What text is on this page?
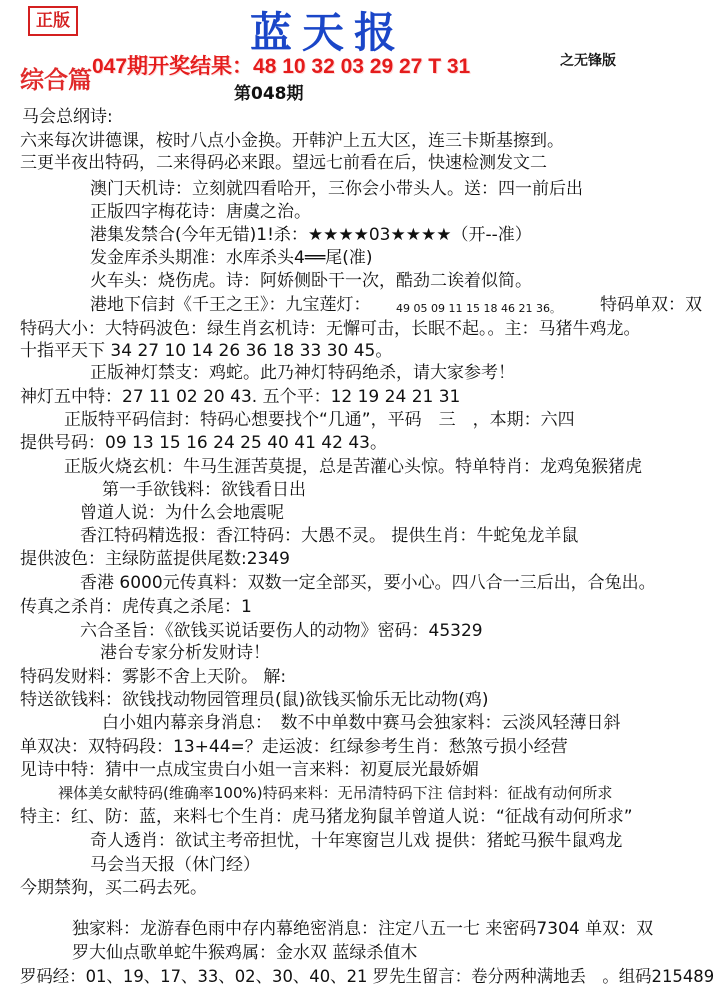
正版	蓝天报
综合篇 047期开奖结果：48 10 32 03 29 27 T 31	之无锋版
第048期
马会总纲诗:
六来每次讲德课，桉时八点小金换。开韩沪上五大区，连三卡斯基擦到。
三更半夜出特码，二来得码必来跟。望远七前看在后，快速检测发文二
澳门天机诗：立刻就四看哈开，三你会小带头人。送：四一前后出
正版四字梅花诗：唐虞之治。
港集发禁合(今年无错)1!杀：★★★★03★★★★（开--准）
发金库杀头期准：水库杀头4══尾(准)
火车头：烧伤虎。诗：阿娇侧卧干一次，酷劲二诶着似简。
港地下信封《千王之王》：九宝莲灯： 49 05 09 11 15 18 46 21 36。 特码单双：双
特码大小：大特码波色：绿生肖玄机诗：无懈可击，长眠不起。。主：马猪牛鸡龙。
十指平天下 34 27 10 14 26 36 18 33 30 45。
正版神灯禁支：鸡蛇。此乃神灯特码绝杀，请大家参考！
神灯五中特：27 11 02 20 43. 五个平：12 19 24 21 31
正版特平码信封：特码心想要找个“几通”，平码　三　，本期：六四
提供号码：09 13 15 16 24 25 40 41 42 43。
正版火烧玄机：牛马生涯苦莫提，总是苦灌心头惊。特单特肖：龙鸡兔猴猪虎
第一手欲钱料：欲钱看日出
曾道人说：为什么会地震呢
香江特码精选报：香江特码：大愚不灵。 提供生肖：牛蛇兔龙羊鼠
提供波色：主绿防蓝提供尾数:2349
香港 6000元传真料：双数一定全部买，要小心。四八合一三后出，合兔出。
传真之杀肖：虎传真之杀尾：1
六合圣旨：《欲钱买说话要伤人的动物》密码：45329
港台专家分析发财诗！
特码发财料：雾影不舍上天阶。 解:
特送欲钱料：欲钱找动物园管理员(鼠)欲钱买愉乐无比动物(鸡)
白小姐内幕亲身消息：　数不中单数中赛马会独家料：云淡风轻薄日斜
单双决：双特码段：13+44=？走运波：红绿参考生肖：愁煞亏损小经营
见诗中特：猜中一点成宝贵白小姐一言来料：初夏辰光最娇媚
裸体美女献特码(维确率100%)特码来料：无吊清特码下注 信封料：征战有动何所求
特主：红、防：蓝，来料七个生肖：虎马猪龙狗鼠羊曾道人说：“征战有动何所求”
奇人透肖：欲试主考帝担忧，十年寒窗岂儿戏 提供：猪蛇马猴牛鼠鸡龙
马会当天报（休门经）
今期禁狗，买二码去死。
独家料：龙游春色雨中存内幕绝密消息：注定八五一七 来密码7304 单双：双
罗大仙点歌单蛇牛猴鸡属：金水双 蓝绿杀值木
罗码经：01、19、17、33、02、30、40、21 罗先生留言：卷分两种满地丢　。组码215489
